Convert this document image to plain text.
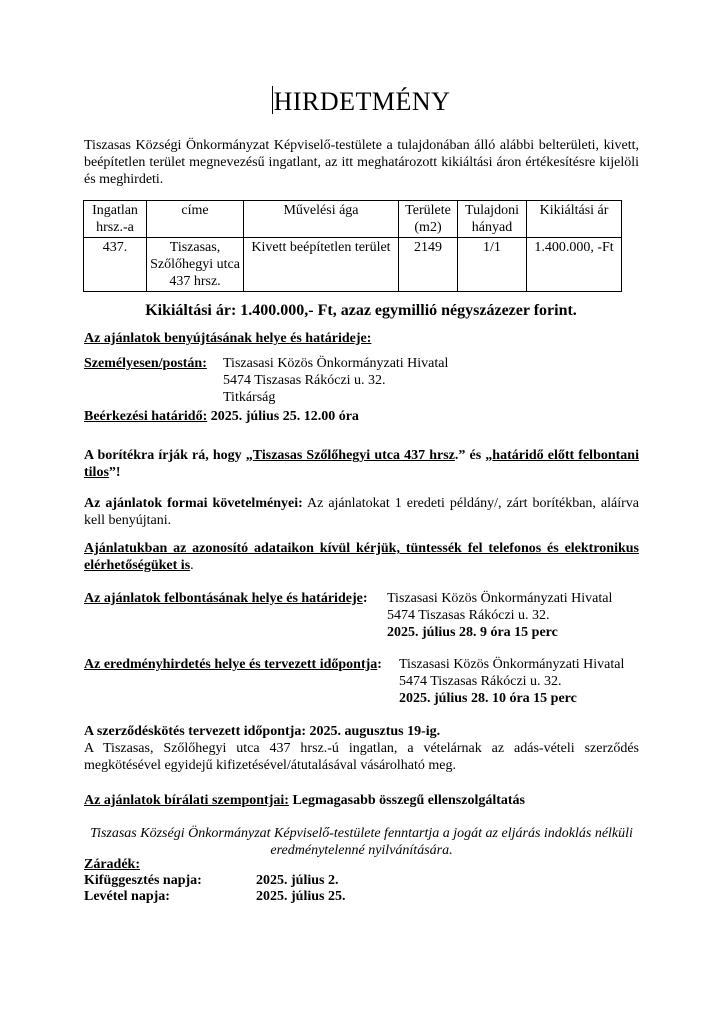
HIRDETMÉNY
Tiszasas Községi Önkormányzat Képviselő-testülete a tulajdonában álló alábbi belterületi, kivett, beépítetlen terület megnevezésű ingatlant, az itt meghatározott kikiáltási áron értékesítésre kijelöli és meghirdeti.
Ingatlan hrsz.-a	címe	Művelési ága	Területe (m2)	Tulajdoni hányad	Kikiáltási ár
437.	Tiszasas, Szőlőhegyi utca 437 hrsz.	Kivett beépítetlen terület	2149	1/1	1.400.000, -Ft
Kikiáltási ár: 1.400.000,- Ft, azaz egymillió négyszázezer forint.
Az ajánlatok benyújtásának helye és határideje:
Személyesen/postán: Tiszasasi Közös Önkormányzati Hivatal
5474 Tiszasas Rákóczi u. 32.
Titkárság
Beérkezési határidő: 2025. július 25. 12.00 óra
A borítékra írják rá, hogy „Tiszasas Szőlőhegyi utca 437 hrsz.” és „határidő előtt felbontani tilos”!
Az ajánlatok formai követelményei: Az ajánlatokat 1 eredeti példány/, zárt borítékban, aláírva kell benyújtani.
Ajánlatukban az azonosító adataikon kívül kérjük, tüntessék fel telefonos és elektronikus elérhetőségüket is.
Az ajánlatok felbontásának helye és határideje: Tiszasasi Közös Önkormányzati Hivatal
5474 Tiszasas Rákóczi u. 32.
2025. július 28. 9 óra 15 perc
Az eredményhirdetés helye és tervezett időpontja: Tiszasasi Közös Önkormányzati Hivatal
5474 Tiszasas Rákóczi u. 32.
2025. július 28. 10 óra 15 perc
A szerződéskötés tervezett időpontja: 2025. augusztus 19-ig.
A Tiszasas, Szőlőhegyi utca 437 hrsz.-ú ingatlan, a vételárnak az adás-vételi szerződés megkötésével egyidejű kifizetésével/átutalásával vásárolható meg.
Az ajánlatok bírálati szempontjai: Legmagasabb összegű ellenszolgáltatás
Tiszasas Községi Önkormányzat Képviselő-testülete fenntartja a jogát az eljárás indoklás nélküli eredménytelenné nyilvánítására.
Záradék:
Kifüggesztés napja:	2025. július 2.
Levétel napja:	2025. július 25.
